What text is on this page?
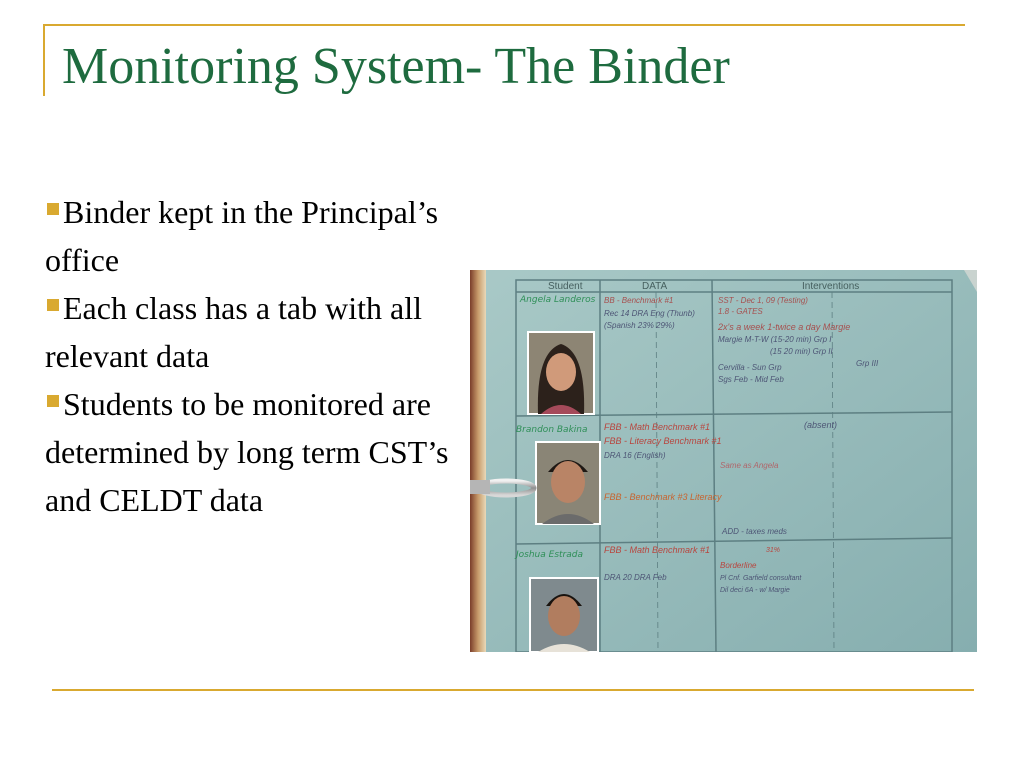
Monitoring System- The Binder
Binder kept in the Principal’s office
Each class has a tab with all relevant data
Students to be monitored are determined by long term CST’s and CELDT data
Student	DATA	Interventions
Angela Landeros
Brandon Bakina
Joshua Estrada
BB - Benchmark #1
Rec 14 DRA Eng (Thunb)
(Spanish 23% 29%)
SST - Dec 1, 09 (Testing)
1.8 - GATES
2x's a week 1-twice a day Margie
Margie M-T-W (15-20 min) Grp I
(15 20 min) Grp II
Grp III
Cervilla - Sun Grp
Sgs Feb - Mid Feb
FBB - Math Benchmark #1
FBB - Literacy Benchmark #1
DRA 16 (English)
FBB - Benchmark #3 Literacy
(absent)
Same as Angela
ADD - taxes meds
FBB - Math Benchmark #1
DRA 20 DRA Feb
31%
Borderline
Pl Cnf. Garfield consultant
Dil deci 6A - w/ Margie
